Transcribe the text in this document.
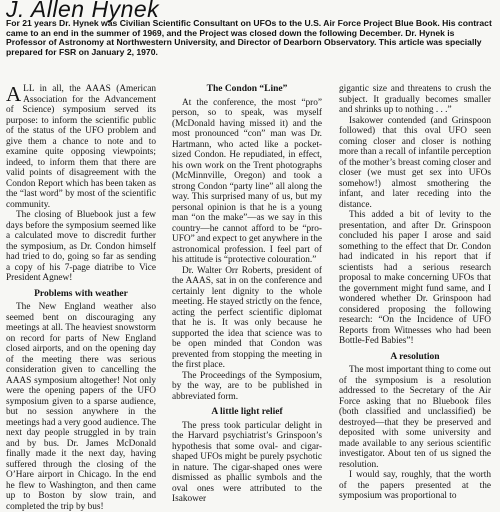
J. Allen Hynek
For 21 years Dr. Hynek was Civilian Scientific Consultant on UFOs to the U.S. Air Force Project Blue Book. His contract came to an end in the summer of 1969, and the Project was closed down the following December. Dr. Hynek is Professor of Astronomy at Northwestern University, and Director of Dearborn Observatory. This article was specially prepared for FSR on January 2, 1970.

ALL in all, the AAAS (American Association for the Advancement of Science) symposium served its purpose: to inform the scientific public of the status of the UFO problem and give them a chance to note and to examine quite opposing viewpoints; indeed, to inform them that there are valid points of disagreement with the Condon Report which has been taken as the “last word” by most of the scientific community.

The closing of Bluebook just a few days before the symposium seemed like a calculated move to discredit further the symposium, as Dr. Condon himself had tried to do, going so far as sending a copy of his 7-page diatribe to Vice President Agnew!

Problems with weather

The New England weather also seemed bent on discouraging any meetings at all. The heaviest snowstorm on record for parts of New England closed airports, and on the opening day of the meeting there was serious consideration given to cancelling the AAAS symposium altogether! Not only were the opening papers of the UFO symposium given to a sparse audience, but no session anywhere in the meetings had a very good audience. The next day people struggled in by train and by bus. Dr. James McDonald finally made it the next day, having suffered through the closing of the O’Hare airport in Chicago. In the end he flew to Washington, and then came up to Boston by slow train, and completed the trip by bus!

The Condon “Line”

At the conference, the most “pro” person, so to speak, was myself (McDonald having missed it) and the most pronounced “con” man was Dr. Hartmann, who acted like a pocket-sized Condon. He repudiated, in effect, his own work on the Trent photographs (McMinnville, Oregon) and took a strong Condon “party line” all along the way. This surprised many of us, but my personal opinion is that he is a young man “on the make”—as we say in this country—he cannot afford to be “pro-UFO” and expect to get anywhere in the astronomical profession. I feel part of his attitude is “protective colouration.”

Dr. Walter Orr Roberts, president of the AAAS, sat in on the conference and certainly lent dignity to the whole meeting. He stayed strictly on the fence, acting the perfect scientific diplomat that he is. It was only because he supported the idea that science was to be open minded that Condon was prevented from stopping the meeting in the first place.

The Proceedings of the Symposium, by the way, are to be published in abbreviated form.

A little light relief

The press took particular delight in the Harvard psychiatrist’s Grinspoon’s hypothesis that some oval- and cigar-shaped UFOs might be purely psychotic in nature. The cigar-shaped ones were dismissed as phallic symbols and the oval ones were attributed to the Isakower

gigantic size and threatens to crush the subject. It gradually becomes smaller and shrinks up to nothing . . .”

Isakower contended (and Grinspoon followed) that this oval UFO seen coming closer and closer is nothing more than a recall of infantile perception of the mother’s breast coming closer and closer (we must get sex into UFOs somehow!) almost smothering the infant, and later receding into the distance.

This added a bit of levity to the presentation, and after Dr. Grinspoon concluded his paper I arose and said something to the effect that Dr. Condon had indicated in his report that if scientists had a serious research proposal to make concerning UFOs that the government might fund same, and I wondered whether Dr. Grinspoon had considered proposing the following research: “On the Incidence of UFO Reports from Witnesses who had been Bottle-Fed Babies”!

A resolution

The most important thing to come out of the symposium is a resolution addressed to the Secretary of the Air Force asking that no Bluebook files (both classified and unclassified) be destroyed—that they be preserved and deposited with some university and made available to any serious scientific investigator. About ten of us signed the resolution.

I would say, roughly, that the worth of the papers presented at the symposium was proportional to
